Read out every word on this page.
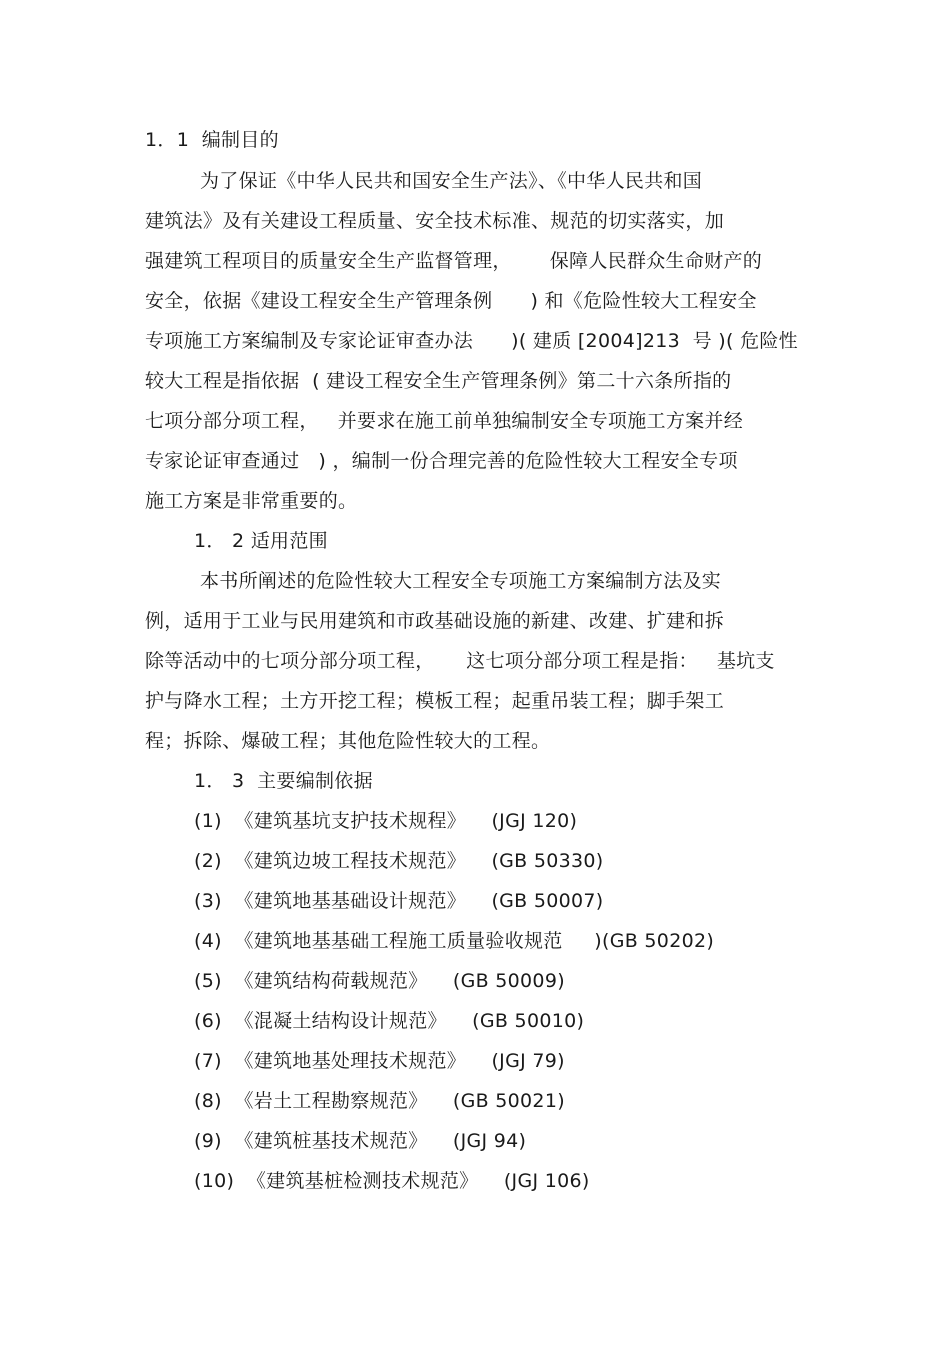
1．1  编制目的
为了保证《中华人民共和国安全生产法》、《中华人民共和国
建筑法》及有关建设工程质量、安全技术标准、规范的切实落实，加
强建筑工程项目的质量安全生产监督管理，      保障人民群众生命财产的
安全，依据《建设工程安全生产管理条例      ) 和《危险性较大工程安全
专项施工方案编制及专家论证审查办法      )( 建质 [2004]213  号 )( 危险性
较大工程是指依据  ( 建设工程安全生产管理条例》第二十六条所指的
七项分部分项工程，   并要求在施工前单独编制安全专项施工方案并经
专家论证审查通过   ) ，编制一份合理完善的危险性较大工程安全专项
施工方案是非常重要的。
1． 2 适用范围
本书所阐述的危险性较大工程安全专项施工方案编制方法及实
例，适用于工业与民用建筑和市政基础设施的新建、改建、扩建和拆
除等活动中的七项分部分项工程，     这七项分部分项工程是指：   基坑支
护与降水工程；土方开挖工程；模板工程；起重吊装工程；脚手架工
程；拆除、爆破工程；其他危险性较大的工程。
1． 3  主要编制依据
(1)  《建筑基坑支护技术规程》    (JGJ 120)
(2)  《建筑边坡工程技术规范》    (GB 50330)
(3)  《建筑地基基础设计规范》    (GB 50007)
(4)  《建筑地基基础工程施工质量验收规范     )(GB 50202)
(5)  《建筑结构荷载规范》    (GB 50009)
(6)  《混凝土结构设计规范》    (GB 50010)
(7)  《建筑地基处理技术规范》    (JGJ 79)
(8)  《岩土工程勘察规范》    (GB 50021)
(9)  《建筑桩基技术规范》    (JGJ 94)
(10)  《建筑基桩检测技术规范》    (JGJ 106)
